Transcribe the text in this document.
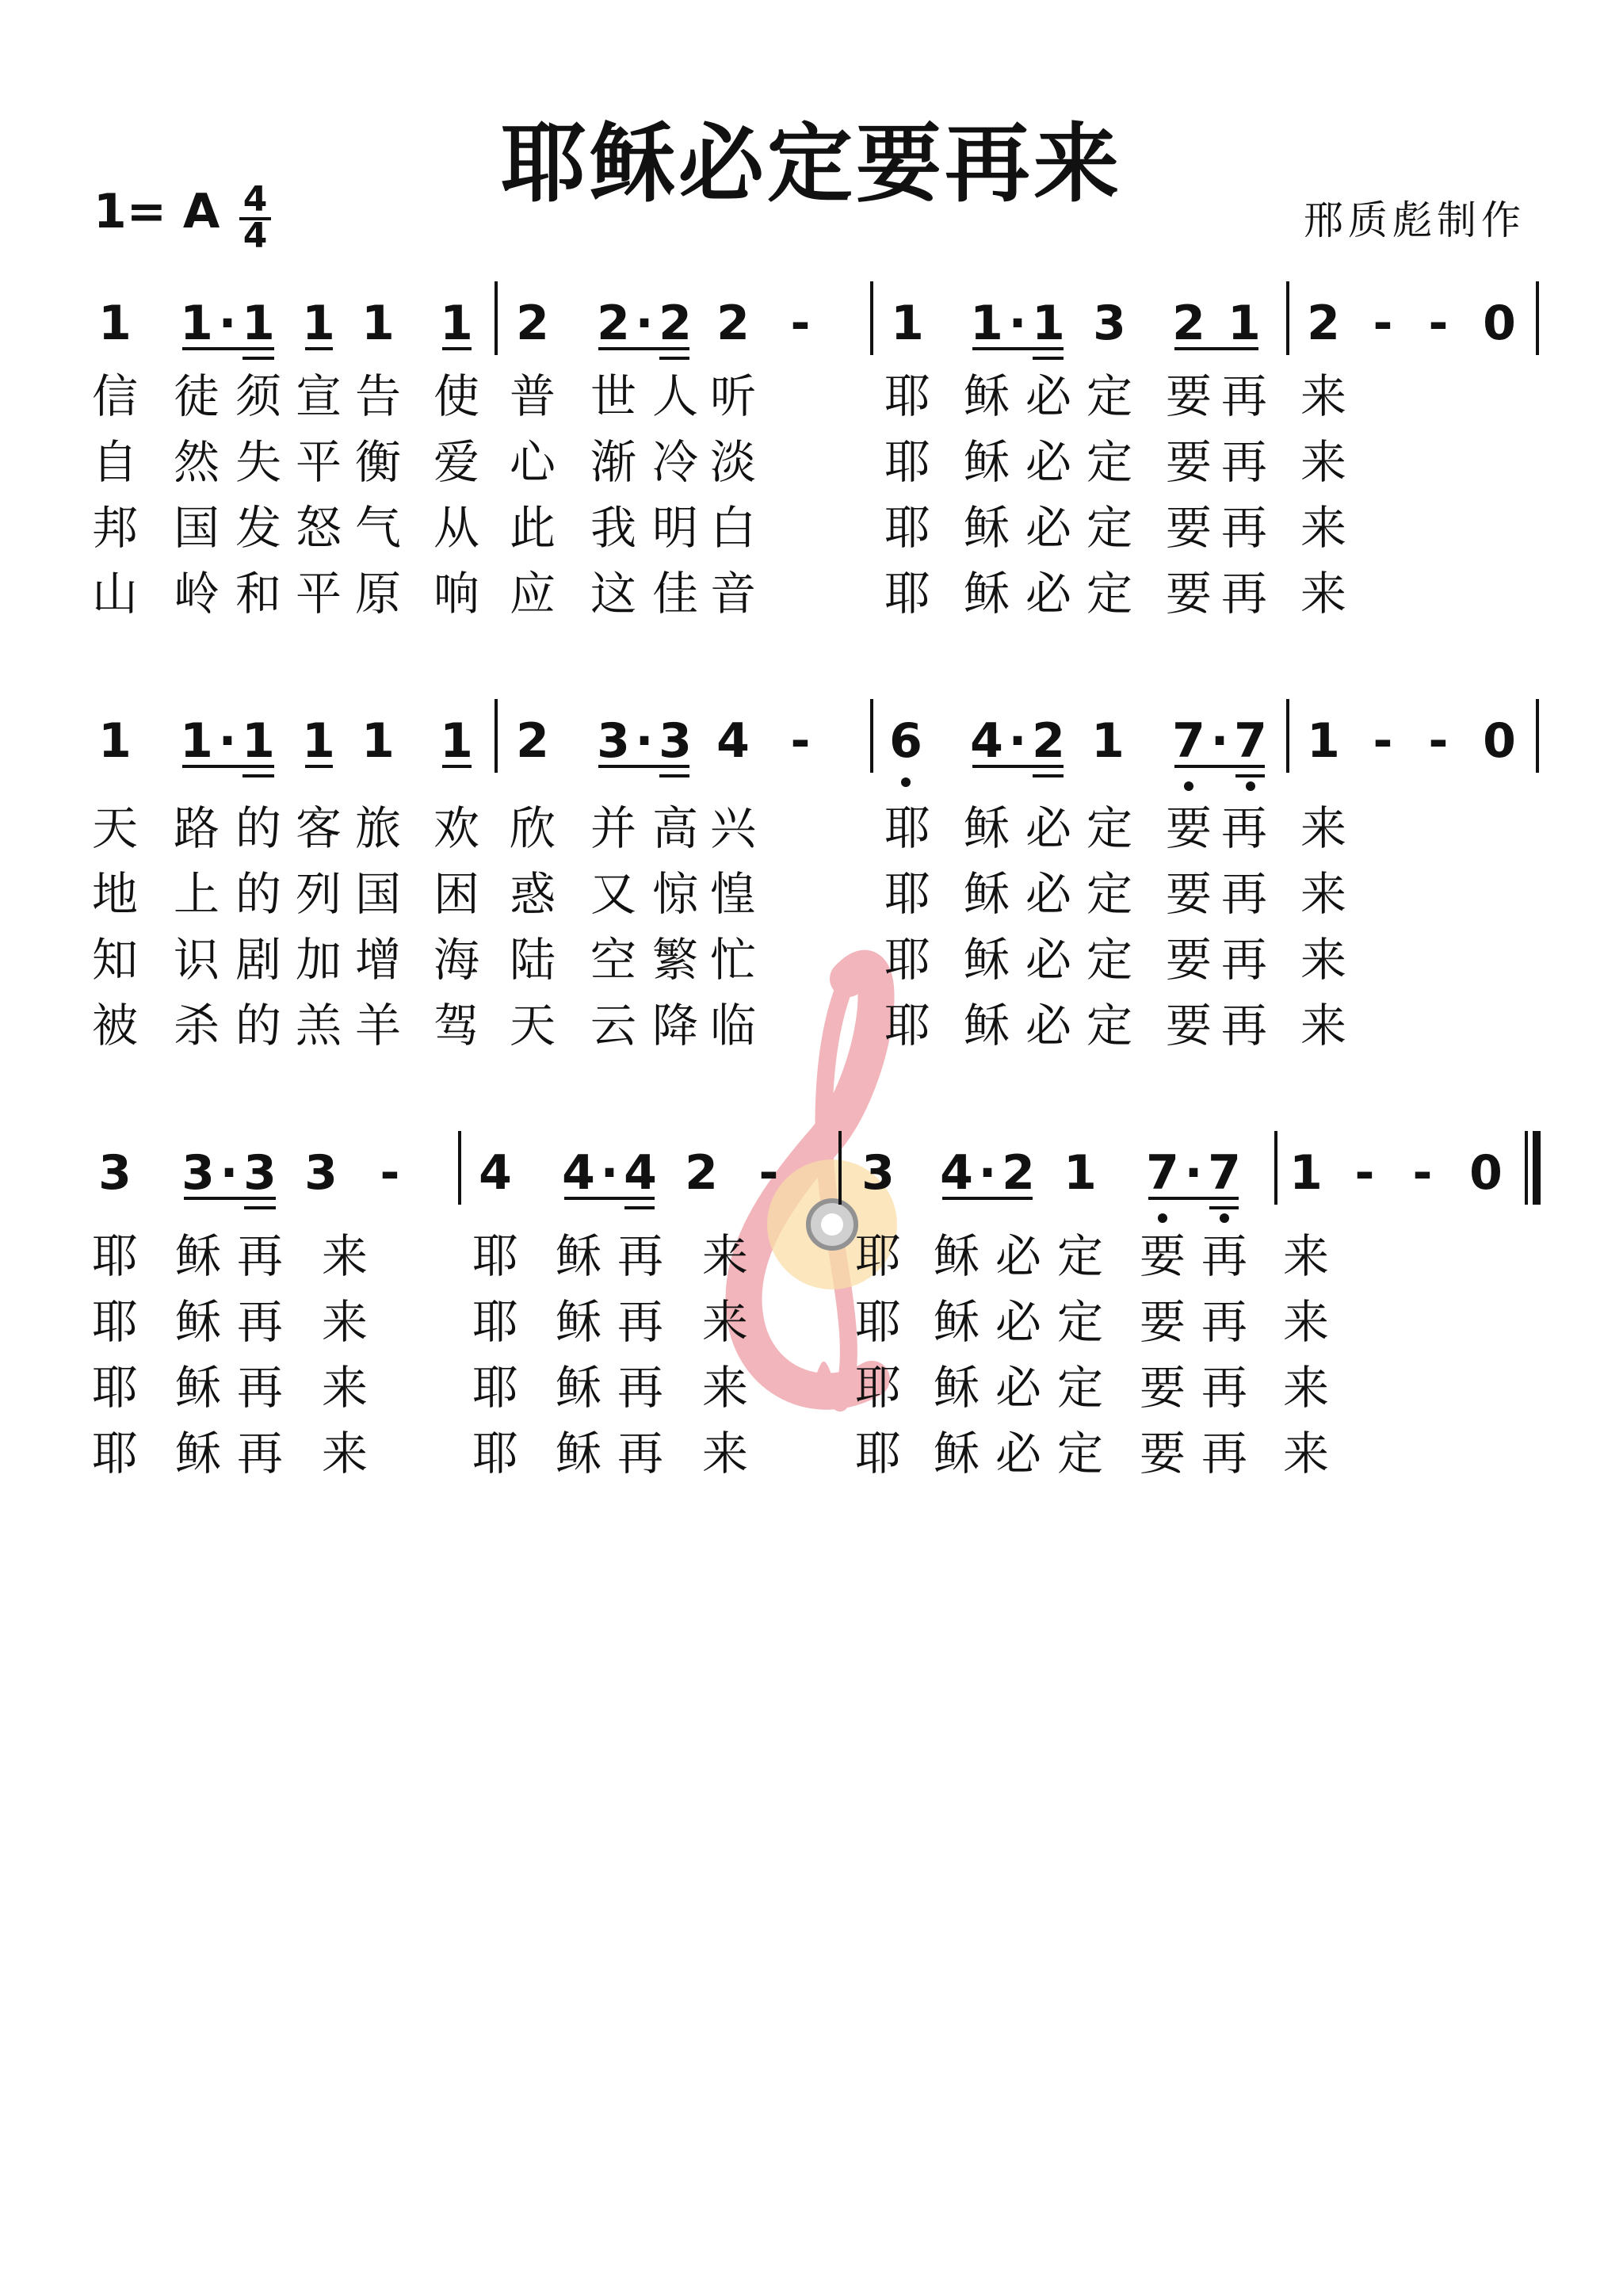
耶稣必定要再来
1= A	邢质彪制作
4
4
1 1 · 1 1 1 1 2 2 · 2 2 - 1 1 · 1 3 2 1 2 - - 0
信 徒 须 宣 告 使 普 世 人 听	耶 稣 必 定 要 再 来
自 然 失 平 衡 爱 心 渐 冷 淡	耶 稣 必 定 要 再 来
邦 国 发 怒 气 从 此 我 明 白	耶 稣 必 定 要 再 来
山 岭 和 平 原 响 应 这 佳 音	耶 稣 必 定 要 再 来
1 1 · 1 1 1 1 2 3 · 3 4 - 6 4 · 2 1 7 · 7 1 - - 0
天 路 的 客 旅 欢 欣 并 高 兴	耶 稣 必 定 要 再 来
地 上 的 列 国 困 惑 又 惊 惶	耶 稣 必 定 要 再 来
知 识 剧 加 增 海 陆 空 繁 忙	耶 稣 必 定 要 再 来
被 杀 的 羔 羊 驾 天 云 降 临	耶 稣 必 定 要 再 来
3 3 · 3 3 - 4 4 · 4 2 - 3 4 · 2 1 7 · 7 1 - - 0
耶 稣 再 来 耶 稣 再 来 耶 稣 必 定 要 再 来
耶 稣 再 来 耶 稣 再 来 耶 稣 必 定 要 再 来
耶 稣 再 来 耶 稣 再 来 耶 稣 必 定 要 再 来
耶 稣 再 来 耶 稣 再 来 耶 稣 必 定 要 再 来
